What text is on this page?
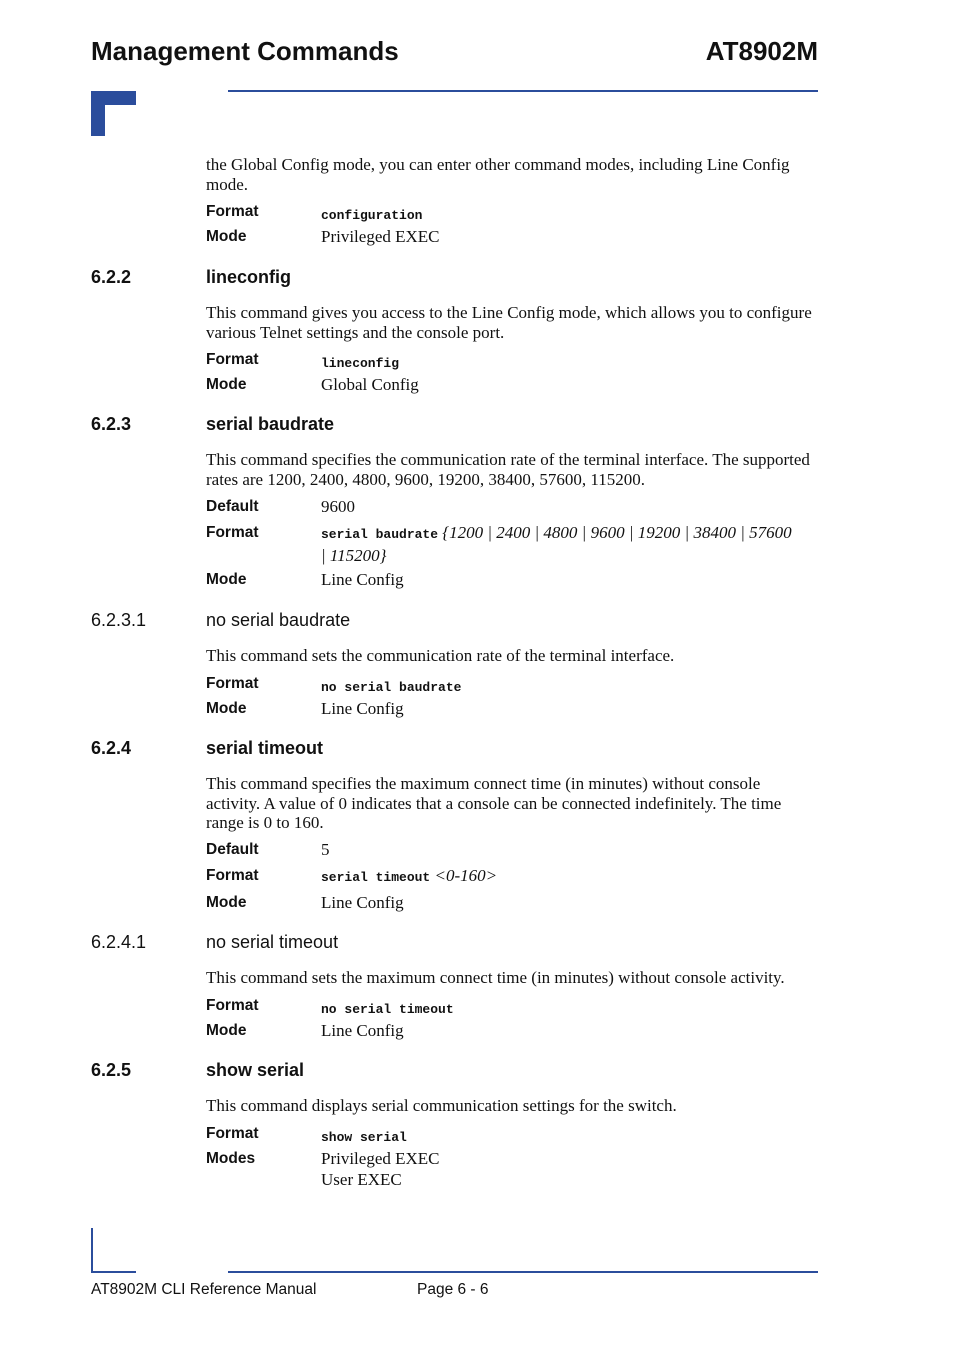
Management Commands	AT8902M
the Global Config mode, you can enter other command modes, including Line Config mode.
Format	configuration
Mode	Privileged EXEC
6.2.2	lineconfig
This command gives you access to the Line Config mode, which allows you to configure various Telnet settings and the console port.
Format	lineconfig
Mode	Global Config
6.2.3	serial baudrate
This command specifies the communication rate of the terminal interface. The supported rates are 1200, 2400, 4800, 9600, 19200, 38400, 57600, 115200.
Default	9600
Format	serial baudrate {1200 | 2400 | 4800 | 9600 | 19200 | 38400 | 57600
| 115200}
Mode	Line Config
6.2.3.1	no serial baudrate
This command sets the communication rate of the terminal interface.
Format	no serial baudrate
Mode	Line Config
6.2.4	serial timeout
This command specifies the maximum connect time (in minutes) without console activity. A value of 0 indicates that a console can be connected indefinitely. The time range is 0 to 160.
Default	5
Format	serial timeout <0-160>
Mode	Line Config
6.2.4.1	no serial timeout
This command sets the maximum connect time (in minutes) without console activity.
Format	no serial timeout
Mode	Line Config
6.2.5	show serial
This command displays serial communication settings for the switch.
Format	show serial
Modes	Privileged EXEC
User EXEC
AT8902M CLI Reference Manual	Page 6 - 6
